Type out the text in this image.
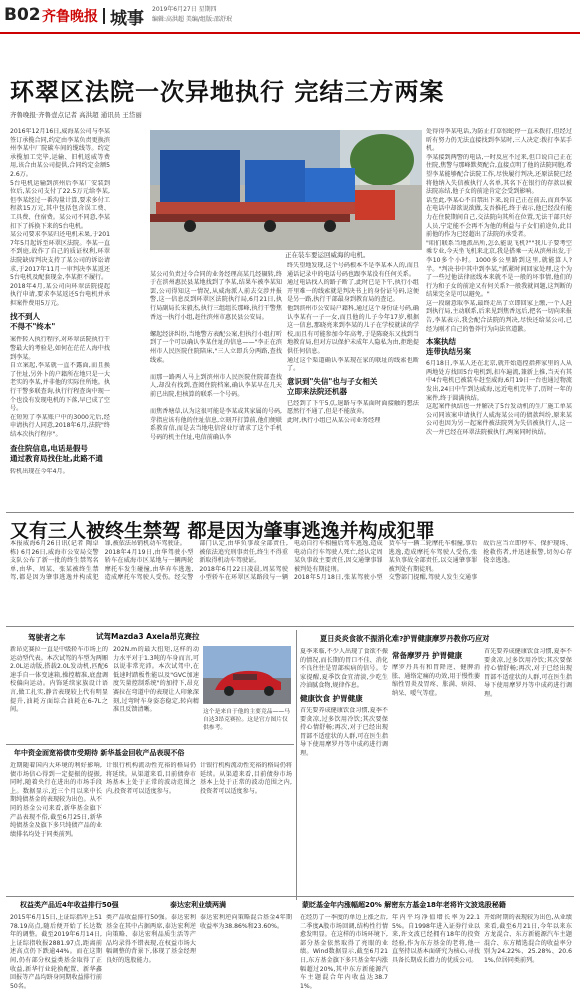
B02 齐鲁晚报 城事 2019年6月27日 星期四
编辑:高洪超 美编/组版:邵舒珉
环翠区法院一次异地执行 完结三方两案
齐鲁晚报·齐鲁壹点记者 高洪超 通讯员 王岱丽
2016年12月16日,威海某公司与李某签订承揽合同,约定由李某负责更换滨州李某中厂院碳车间的缆线等。约定承揽加工完毕,运输、旧机返威等费用,该合由某公司提供,合同约定金额52.6万。
5台电机运输到滨州后李某厂安装到位后,某公司支付了22.5万元给李某,但李某经过一番沟量计算,要求多付工程款15万元,其中包括包含误工费、工具费、住宿费。某公司不同意,李某扣下了拆换下来的5台电机。
某公司要求李某归还电机未果,于2017年5月起诉至环翠区法院。李某一直不到庭,故作了自己的质证权利,环翠法院缺席判决支持了某公司的诉讼请求,于2017年11月一审判决李某返还5台电机及配套现金,李某拒不履行。
2018年4月,某公司向环翠法院提起执行申请,要求李某返还5台电机并承担案件费用5万元。
找不到人
不得不"终本"
案件转入执行程序,对环翠法院执行干警最大的考验是,如何在茫茫人海中找到李某。
自立案起,李某就一直不露面,而且换了住址,另外卜的户籍所在地只是一大老实的李某,并非他的实际住所地。执行干警多联查询,执行行程查询中现一个也没有发现电机的下落,早已成了空号。
在短短了李某账户中的3000元后,经申请执行人同意,2018年6月,法院"终结本次执行程序"。
查住院信息,电话是假号
通过教育局找住址,此路不通
转机出现在今年4月。
正在装车要运回威海的电机。

某公司负责过今合同的业务经理高某几经辗转,终于在滨州惠民县某地找到了李某,结果车被李某知罢,公司得知这一情况,从威海派人前去交涉并报警,这一信息反到环翠区法院执行局,6月21日,执行局副局长宋毅杰,执行三组组长那峰,执行干警焦香远一执行小组,赶往滨州市惠民县公安局。

螺起经济纠纷,当地警方表配公案,但执行小组打听到了一个可以确认李某住址的信息——"李正在滨州市人民医院住院陪床,"三人立即兵分两路,查找线索。

而那一路两人马上到滨州市人民医院住院部查找人,却没有找到,查阅住院档案,确认李某早在几天前已出院,但核算的联系一个号码。

而焦香塘草,认为这很可能是李某或其家属的号码,芽指应该有他的住址信息,立刻开打算前,他们便联系教育信,而是去当地电信营业厅请求了这个手机号码的机主住址,电信前确认李

终失望地发现,这个号码根本不是李某本人的,而且通话记录中的电话号码也跟李某没有任何关系。
通过电话找人的路子断了,此时已是下午,执行小组开里难一的线索就是判决书上的身份证号码,这便是另一路,执行干部最身到教育局的查记。
他到滨州市公安局户籍科,通过这个身份证号码,确认李某有一子一女,而且他的儿子今年17岁,根据这一信息,那晓亮来到李某的儿子在学校就读的学校,而且有可能参加今年高考,于是陈晓东又找到当地教育局,但对方以保护未成年人隐私为由,拒绝提供任何信息。
通过这个渠道确认李某现在家的联址的线索也断了。
意识到"失信"也与子女相关
立即来法院还机器
已经到了下午5点,退路与李某面时面接触的想法愿然行不通了,但是不能放弃。
此时,执行小组已从某公司业务经理
处得得李某电话,为防止打草惊蛇停一直未拨打,但经过昕有努力仍无法直接找到李某时,三人决定:拨打李某手机。
李某接到两警的电话,一时反应不过来,但口说自己正在住院,焦警与那峰默契配合,直接点明了他的法院同胞,希望李某能够配合法院工作,尽快履行判决,还原法院已经将他纳入失信被执行人名单,其名下在银行的存款以被法院冻结,他子女的前途肯定会受到影响。
话至此,李某心不自禁出下来,说自己正在前去,而真李某在电话中却欲说欲做,支吾推托,终于表示,他已经没有能力在住院期间自己,交法院向其所在位置,无法干部只好人员,宁定能不会再不为他的利益与子女们前途负,此目前他的作为已经超出了法院的承受者。
"咱们联系当地派出所,怎么能说飞机?""我儿子要考空乘专业,今天坐飞机来北京,我是搭乘一天从滨州出发,于李10多个小时。1000多公里路到这里,就能算人?半。"判决书中其中到李某,"抓紧时间回家处理,这个为了一些过他法律底线本来就不是一般的坏事情,他们的行为和子女的前途又有何关系?一般我就问题,这判断的结果完全是可以避免。"
这一段谢意取李某,最终走出了立即回家上缴,一个人赶到执行局,主动联系,后来见到焦香远后,把名一切向来报告,李某表示,我会配合法院的判决,尽快还给某公司,已经为刚才自己的鲁莽行为向法官道歉。
本案执结
连带执结另案
6月18日,李某人还在北京,就开始遥控指挥家里的人从两地处方找回5台电机到,扣车遍流,兼新上推,当天有其中4台电机已被装车赶至威海,6月19日一台也通过物流发出,24日中午到达威海,远近电机完毕了,历时一年的案件,终于圆满执结。
这起案件执结也一并解决了5台发动机的生厂施工单某公司同该案申请执行人威海某公司的债款纠纷,原来某公司也因为另一起案件被法院列为失信被执行人,这一次一并已经在环翠法院被执行,两案同时执结。
又有三人被终生禁驾 都是因为肇事逃逸并构成犯罪
本报威海6月26日讯(记者 陶卓栋) 6月26日,威海市公安局交警支队公布了新一批的终生禁驾名单,由华、周某、张某被终生禁驾,都是因为肇事逃逸并构成犯罪,被依法吊销机动车驾驶证。
2018年4月19日,由华驾驶小型轿车在威海市区某地与一辆两轮摩托车发生碰撞,由华弃车逃逸,造成摩托车驾驶人受伤。经交警部门认定,由华负事故全部责任,被依法追究刑事责任,终生不得重新取得机动车驾驶证。
2018年6月22日凌晨,周某驾驶小型轿车在环翠区某路段与一辆电动自行车相撞后驾车逃逸,造成电动自行车驾驶人死亡,经认定周某负事故主要责任,因交通肇事罪被判处有期徒刑。
2018年5月18日,张某驾驶小型货车与一辆二轮摩托车相撞,事后逃逸,造成摩托车驾驶人受伤,张某负事故全部责任,以交通肇事罪被判处有期徒刑。
交警部门提醒,驾驶人发生交通事故后应当立即停车、保护现场、抢救伤者,并迅速报警,切勿心存侥幸逃逸。
驾驶者之车	试驾Mazda3 Axela昂克赛拉
新昂克赛拉一直是中级轿车市场上的运动型代表。本次试驾的车型为两厢2.0L运动版,搭载2.0L发动机,匹配6速手自一体变速箱,操控精准,底盘调校偏向运动。内饰延续家族设计语言,做工扎实,静音表现较上代有明显提升,油耗方面综合油耗在6-7L之间。
202N.m的最大扭矩,这样的动力水平对于1.3吨的车身而言,可以说非常充沛。本次试驾中,在低速时踏板性能以及"GVC加速度矢量控制系统"的加持下,昂克赛拉在弯道中的表现让人印象深刻,过弯时车身姿态稳定,转向精准且反馈清晰。	这个是来自于他的主要竞品——马自达3昂克赛拉。这是官方图片仅供参考。
夏日炎炎食欲不振消化难?护胃健康摩罗丹教你巧应对
夏季来临,不少人出现了食欲不振的情况,而长期的胃口不佳、消化不良往往是胃部疾病的信号。专家提醒,夏季饮食宜清淡,少吃生冷油腻食物,规律作息。
健康饮食 护胃健康
首先要养成健康饮食习惯,夏季不要贪凉,过多饮用冷饮;其次要保持心情舒畅;再次,对于已经出现胃部不适症状的人群,可在医生指导下使用摩罗丹等中成药进行调理。
常备摩罗丹 护胃健康
摩罗丹具有和胃降逆、健脾消胀、通络定痛的功效,用于慢性萎缩性胃炎及胃疼、胀满、痞闷、纳呆、嗳气等症。
首先要养成健康饮食习惯,夏季不要贪凉,过多饮用冷饮;其次要保持心情舒畅;再次,对于已经出现胃部不适症状的人群,可在医生指导下使用摩罗丹等中成药进行调理。
年中资金面宽裕债市受期待 新华基金回收产品表现不俗
近期随着国内大环境的利好影响,债市场信心得到一定提振的提振,同时,随着央行在进出的市场手段上。数据显示,近三个月以来中长期纯债基金的表现较为出色。从不同的基金公司来看,新华基金旗下产品表现不俗,截至6月25日,新华纯债基金及旗下多只纯债产品的业绩排名均处于同类前列。
计银行机构流动性充裕的格局仍将延续。从渠道来看,目前债券市场基本上处于正常的波动范围之内,投资者可以适度参与。
计银行机构流动性充裕的格局仍将延续。从渠道来看,目前债券市场基本上处于正常的波动范围之内,投资者可以适度参与。
权益类产品近4年收益排行50强
2015年6月15日,上证综指冲上5178.19高点,随后便开始了长达数年的调整。截至2019年6月14日,上证综指收报2881.97点,距离前述高点仍下跌逾44%。而在这期间,仍有部分权益类基金取得了正收益,新华行业轮换配置、新华鑫回报等产品均跻身同期收益排行前50名。
泰达宏利业绩两满
类产品收益排行50强。泰达宏利基金在其中占据两席,泰达宏利逆向策略、泰达宏利品质生活等产品均录得不错表现,在权益市场大幅调整的背景下,体现了基金经理良好的选股能力。
泰达宏利逆向策略混合基金4年期收益率为38.86%和23.60%。
蒙眨基金年内涨幅超20% 解密东方基金18年老将许文波选股秘籍
在经历了一季度的单边上涨之后,二季度A股市场回调,结构性行情愈发明显。在这样的市场环境下,部分基金依然取得了亮眼的业绩。Wind数据显示,截至6月21日,东方基金旗下多只基金年内涨幅超过20%,其中东方新能源汽车主题混合年内收益达38.71%。
年内平均净值增长率为22.15%。自1998年进入证券行业以来,许文波已经拥有18年的投资经验,作为东方基金的老将,他一直坚持以基本面研究为核心,寻找具备长期成长潜力的优质公司。
开始时期的表现较为出色,从业绩来看,截至6月21日,今年以来东方龙混合、东方新能源汽车主题混合、东方精选混合的收益率分别为24.22%、25.28%、20.61%,位居同类前列。
